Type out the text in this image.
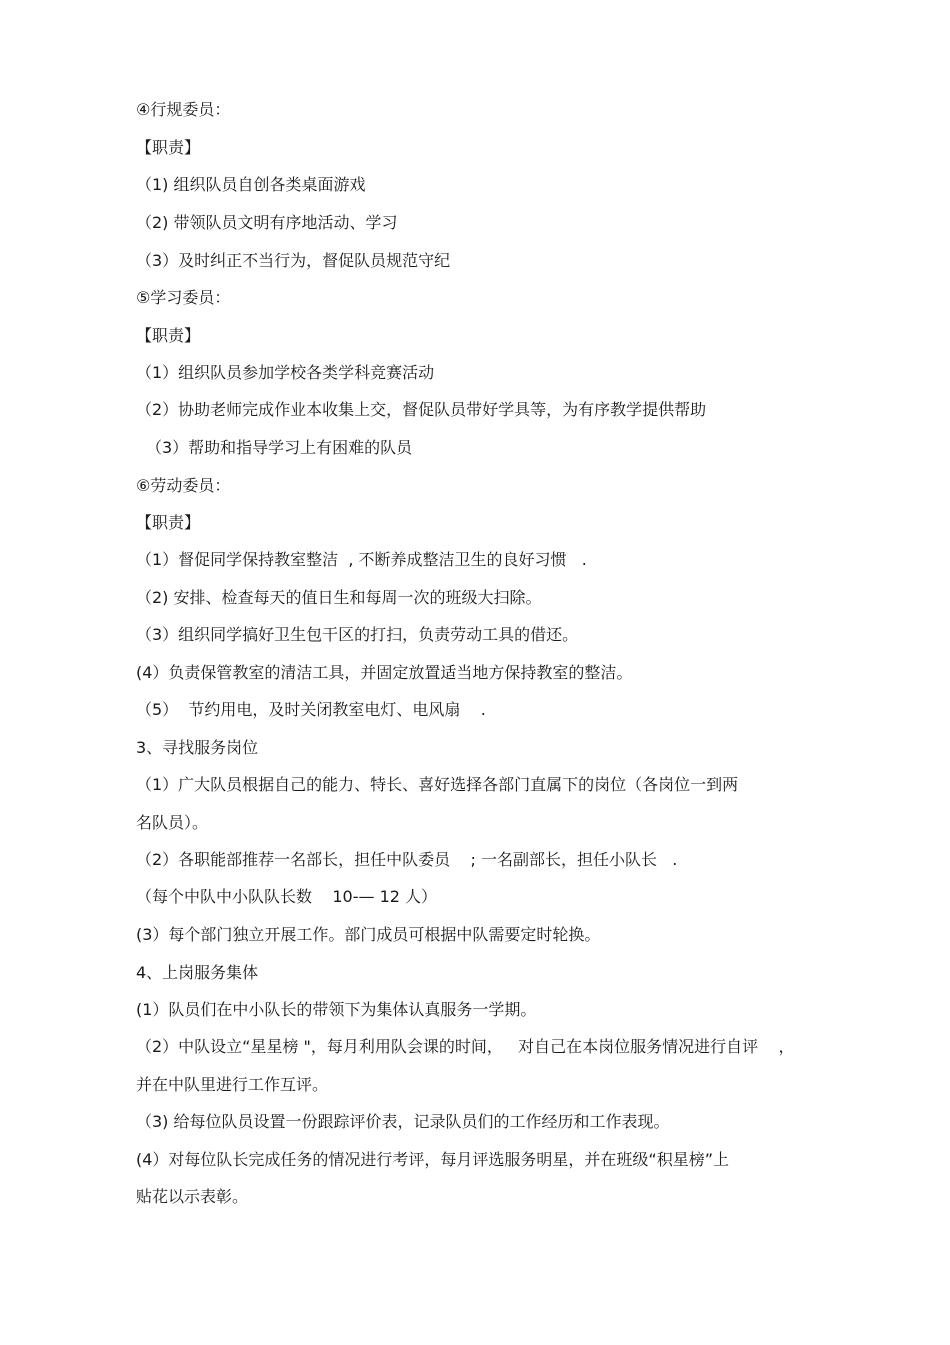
④行规委员：
【职责】
（1) 组织队员自创各类桌面游戏
（2) 带领队员文明有序地活动、学习
（3）及时纠正不当行为，督促队员规范守纪
⑤学习委员：
【职责】
（1）组织队员参加学校各类学科竞赛活动
（2）协助老师完成作业本收集上交，督促队员带好学具等，为有序教学提供帮助
（3）帮助和指导学习上有困难的队员
⑥劳动委员：
【职责】
（1）督促同学保持教室整洁  , 不断养成整洁卫生的良好习惯   .
（2) 安排、检查每天的值日生和每周一次的班级大扫除。
（3）组织同学搞好卫生包干区的打扫，负责劳动工具的借还。
(4）负责保管教室的清洁工具，并固定放置适当地方保持教室的整洁。
（5）  节约用电，及时关闭教室电灯、电风扇    .
3、寻找服务岗位
（1）广大队员根据自己的能力、特长、喜好选择各部门直属下的岗位（各岗位一到两
名队员）。
（2）各职能部推荐一名部长，担任中队委员    ; 一名副部长，担任小队长   .
（每个中队中小队队长数    10-— 12 人）
(3）每个部门独立开展工作。部门成员可根据中队需要定时轮换。
4、上岗服务集体
(1）队员们在中小队长的带领下为集体认真服务一学期。
（2）中队设立“星星榜 "，每月利用队会课的时间，   对自己在本岗位服务情况进行自评    ，
并在中队里进行工作互评。
（3) 给每位队员设置一份跟踪评价表，记录队员们的工作经历和工作表现。
(4）对每位队长完成任务的情况进行考评，每月评选服务明星，并在班级“积星榜”上
贴花以示表彰。
